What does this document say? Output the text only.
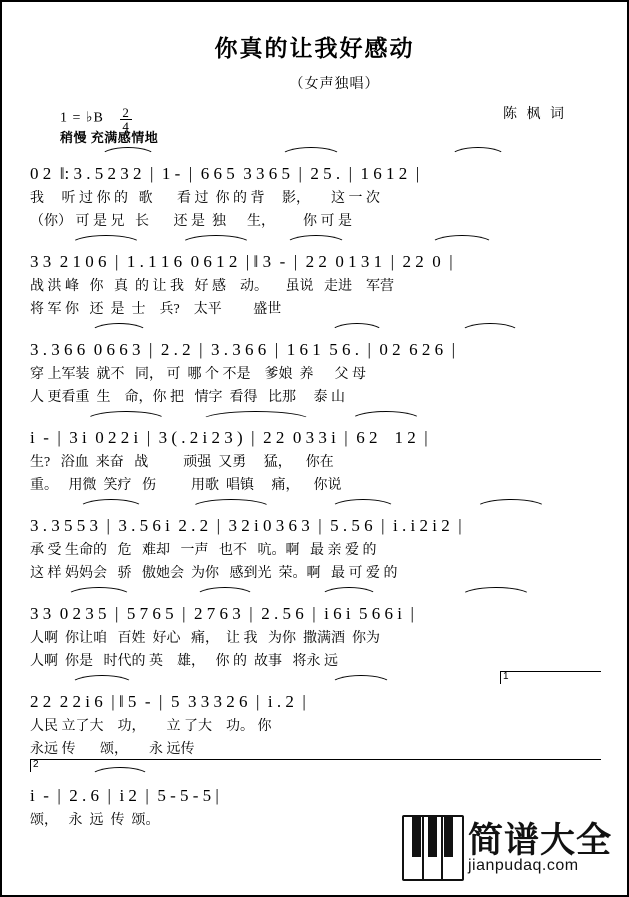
你真的让我好感动
（女声独唱）
1 = ♭B $\frac{2}{4}$	陈 枫 词
稍慢 充满感情地
0 2  ‖: 3 . 5 2 3 2  |  1 -  |  6 6 5  3 3 6 5  |  2 5 .  |  1 6 1 2  |
我     听 过 你 的   歌       看 过  你 的 背     影，      这 一 次
（你） 可 是 兄   长       还 是  独      生，        你 可 是
3 3  2 1 0 6  |  1 . 1 1 6  0 6 1 2  | ‖ 3  -  |  2 2  0 1 3 1  |  2 2  0  |
战 洪 峰   你   真  的 让 我   好 感    动。     虽说   走进    军营
将 军 你   还  是  士    兵?    太平         盛世
3 . 3 6 6  0 6 6 3  |  2 . 2  |  3 . 3 6 6  |  1 6 1  5 6 .  |  0 2  6 2 6  |
穿 上军装  就不   同， 可  哪 个 不是    爹娘  养      父 母
人 更看重  生    命，你 把   情字  看得   比那     泰 山
i  -  |  3 i  0 2 2 i  |  3 ( . 2 i 2 3 )  |  2 2  0 3 3 i  |  6 2    1 2  |
生?   浴血  来奋   战          顽强  又勇     猛，    你在
重。   用微  笑疗   伤          用歌  唱镇     痛，    你说
3 . 3 5 5 3  |  3 . 5 6 i  2 . 2  |  3 2 i 0 3 6 3  |  5 . 5 6  |  i . i 2 i 2  |
承 受 生命的   危   难却   一声   也不   吭。啊   最 亲 爱 的
这 样 妈妈会   骄   傲她会  为你   感到光  荣。啊   最 可 爱 的
3 3  0 2 3 5  |  5 7 6 5  |  2 7 6 3  |  2 . 5 6  |  i 6 i  5 6 6 i  |
人啊  你让咱   百姓  好心   痛，  让 我   为你  撒满酒  你为
人啊  你是   时代的 英    雄，   你 的  故事   将永 远
1
2 2  2 2 i 6  | ‖ 5  -  |  5  3 3 3 2 6  |  i . 2  |
人民 立了大    功，      立 了大    功。 你
永远 传       颂，      永 远传
2
i  -  |  2 . 6  |  i 2  |  5 - 5 - 5 |
颂，   永  远  传  颂。
简谱大全
jianpudaq.com
